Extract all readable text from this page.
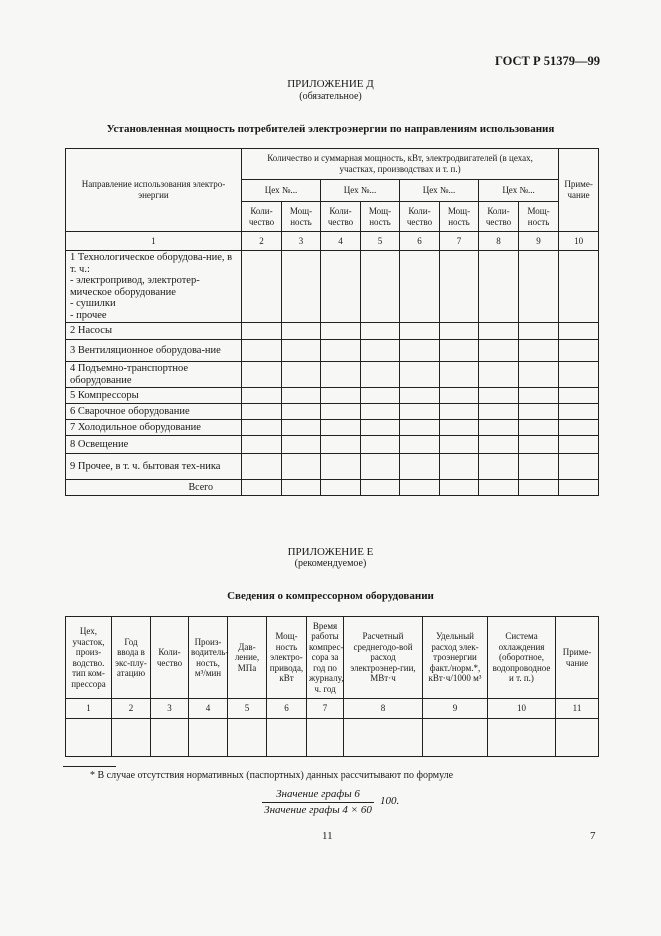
ГОСТ Р 51379—99
ПРИЛОЖЕНИЕ Д
(обязательное)
Установленная мощность потребителей электроэнергии по направлениям использования
Направление использования электро-энергии	Количество и суммарная мощность, кВт, электродвигателей (в цехах, участках, производствах и т. п.)								Приме-чание
	Цех №...		Цех №...		Цех №...		Цех №...		
	Коли-чество	Мощ-ность	Коли-чество	Мощ-ность	Коли-чество	Мощ-ность	Коли-чество	Мощ-ность	
1	2	3	4	5	6	7	8	9	10
1 Технологическое оборудова-ние, в т. ч.:
- электропривод, электротер-мическое оборудование
- сушилки
- прочее									
2 Насосы									
3 Вентиляционное оборудова-ние									
4 Подъемно-транспортное оборудование									
5 Компрессоры									
6 Сварочное оборудование									
7 Холодильное оборудование									
8 Освещение									
9 Прочее, в т. ч. бытовая тех-ника									
Всего									
ПРИЛОЖЕНИЕ Е
(рекомендуемое)
Сведения о компрессорном оборудовании
Цех, участок, произ-водство. тип ком-прессора	Год ввода в экс-плу-атацию	Коли-чество	Произ-водитель-ность, м³/мин	Дав-ление, МПа	Мощ-ность электро-привода, кВт	Время работы компрес-сора за год по журналу, ч. год	Расчетный среднегодо-вой расход электроэнер-гии, МВт·ч	Удельный расход элек-троэнергии факт./норм.*, кВт·ч/1000 м³	Система охлаждения (оборотное, водопроводное и т. п.)	Приме-чание
1	2	3	4	5	6	7	8	9	10	11

* В случае отсутствия нормативных (паспортных) данных рассчитывают по формуле
Значение графы 6
Значение графы 4 × 60
100.
11	7
